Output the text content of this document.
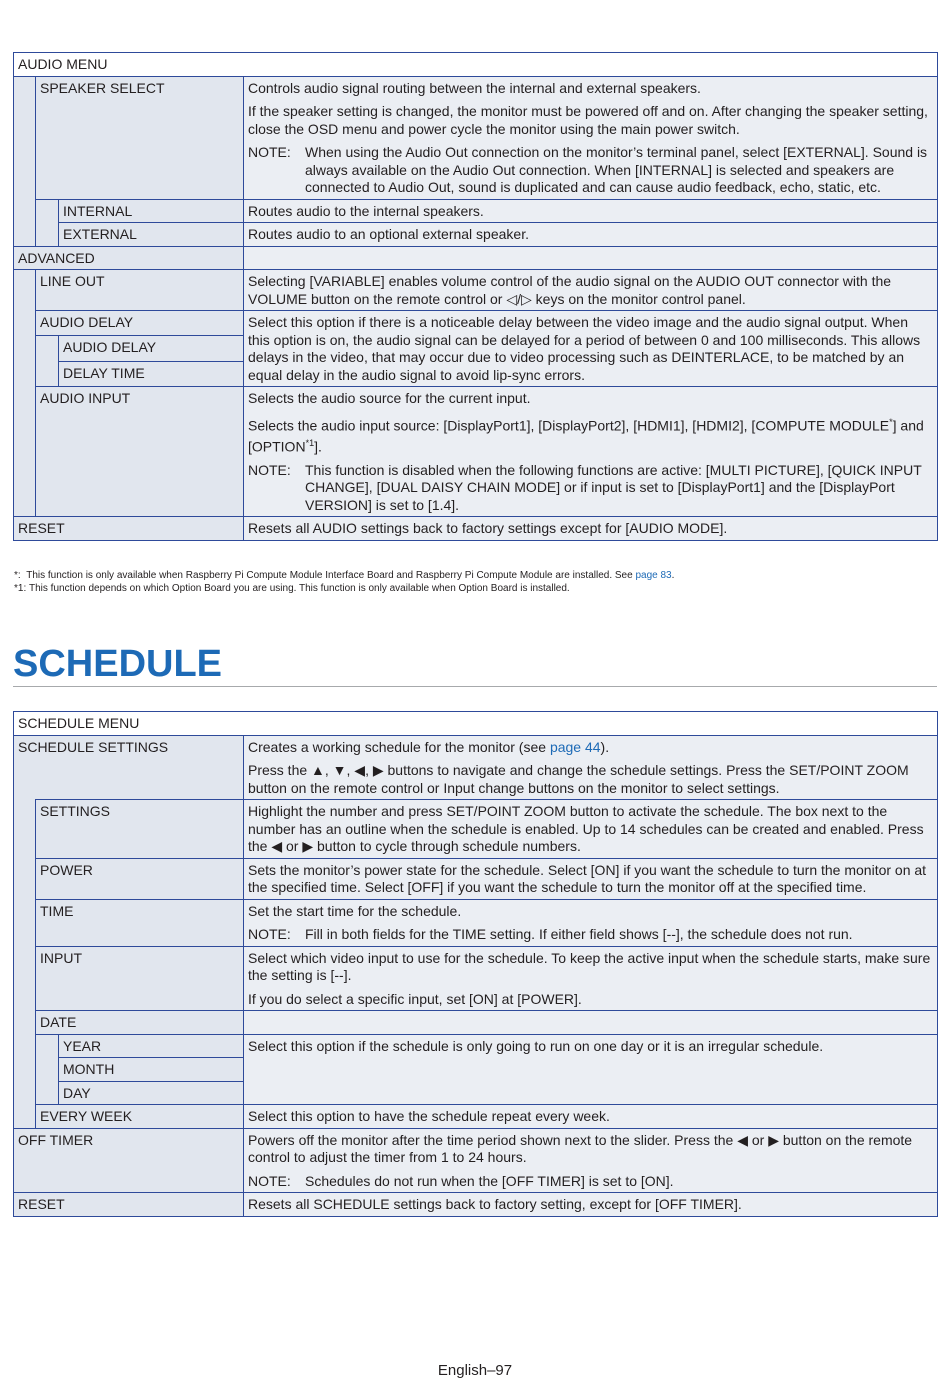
AUDIO MENU			
	SPEAKER SELECT		Controls audio signal routing between the internal and external speakers.

If the speaker setting is changed, the monitor must be powered off and on. After changing the speaker setting, close the OSD menu and power cycle the monitor using the main power switch.

NOTE: When using the Audio Out connection on the monitor’s terminal panel, select [EXTERNAL]. Sound is always available on the Audio Out connection. When [INTERNAL] is selected and speakers are connected to Audio Out, sound is duplicated and can cause audio feedback, echo, static, etc.

		INTERNAL	Routes audio to the internal speakers.
		EXTERNAL	Routes audio to an optional external speaker.
ADVANCED			
	LINE OUT		Selecting [VARIABLE] enables volume control of the audio signal on the AUDIO OUT connector with the VOLUME button on the remote control or ◁/▷ keys on the monitor control panel.
	AUDIO DELAY		Select this option if there is a noticeable delay between the video image and the audio signal output. When this option is on, the audio signal can be delayed for a period of between 0 and 100 milliseconds. This allows delays in the video, that may occur due to video processing such as DEINTERLACE, to be matched by an equal delay in the audio signal to avoid lip-sync errors.
		AUDIO DELAY	
		DELAY TIME	
	AUDIO INPUT		Selects the audio source for the current input.

Selects the audio input source: [DisplayPort1], [DisplayPort2], [HDMI1], [HDMI2], [COMPUTE MODULE*] and [OPTION$^{*1}$].

NOTE: This function is disabled when the following functions are active: [MULTI PICTURE], [QUICK INPUT CHANGE], [DUAL DAISY CHAIN MODE] or if input is set to [DisplayPort1] and the [DisplayPort VERSION] is set to [1.4].

RESET			Resets all AUDIO settings back to factory settings except for [AUDIO MODE].
*: This function is only available when Raspberry Pi Compute Module Interface Board and Raspberry Pi Compute Module are installed. See page 83.
*1: This function depends on which Option Board you are using. This function is only available when Option Board is installed.
SCHEDULE
SCHEDULE MENU			
SCHEDULE SETTINGS			Creates a working schedule for the monitor (see page 44).

Press the ▲, ▼, ◀, ▶ buttons to navigate and change the schedule settings. Press the SET/POINT ZOOM button on the remote control or Input change buttons on the monitor to select settings.

	SETTINGS		Highlight the number and press SET/POINT ZOOM button to activate the schedule. The box next to the number has an outline when the schedule is enabled. Up to 14 schedules can be created and enabled. Press the ◀ or ▶ button to cycle through schedule numbers.
	POWER		Sets the monitor’s power state for the schedule. Select [ON] if you want the schedule to turn the monitor on at the specified time. Select [OFF] if you want the schedule to turn the monitor off at the specified time.
	TIME		Set the start time for the schedule.

NOTE: Fill in both fields for the TIME setting. If either field shows [--], the schedule does not run.

	INPUT		Select which video input to use for the schedule. To keep the active input when the schedule starts, make sure the setting is [--].

If you do select a specific input, set [ON] at [POWER].

	DATE		
		YEAR	Select this option if the schedule is only going to run on one day or it is an irregular schedule.
		MONTH	
		DAY	
	EVERY WEEK		Select this option to have the schedule repeat every week.
OFF TIMER			Powers off the monitor after the time period shown next to the slider. Press the ◀ or ▶ button on the remote control to adjust the timer from 1 to 24 hours.

NOTE: Schedules do not run when the [OFF TIMER] is set to [ON].

RESET			Resets all SCHEDULE settings back to factory setting, except for [OFF TIMER].
English–97
